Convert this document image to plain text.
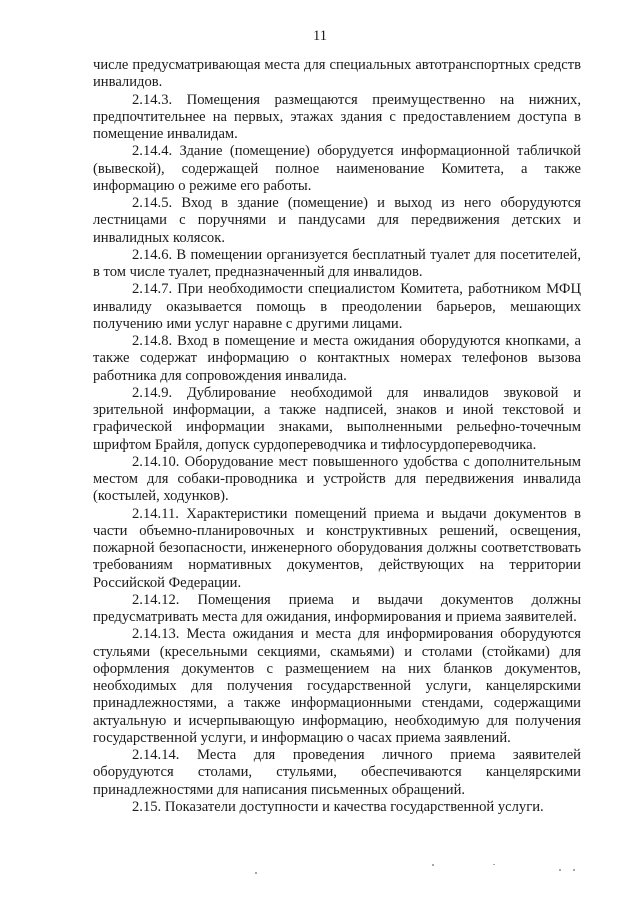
11

числе предусматривающая места для специальных автотранспортных средств инвалидов.

2.14.3. Помещения размещаются преимущественно на нижних, предпочтительнее на первых, этажах здания с предоставлением доступа в помещение инвалидам.

2.14.4. Здание (помещение) оборудуется информационной табличкой (вывеской), содержащей полное наименование Комитета, а также информацию о режиме его работы.

2.14.5. Вход в здание (помещение) и выход из него оборудуются лестницами с поручнями и пандусами для передвижения детских и инвалидных колясок.

2.14.6. В помещении организуется бесплатный туалет для посетителей, в том числе туалет, предназначенный для инвалидов.

2.14.7. При необходимости специалистом Комитета, работником МФЦ инвалиду оказывается помощь в преодолении барьеров, мешающих получению ими услуг наравне с другими лицами.

2.14.8. Вход в помещение и места ожидания оборудуются кнопками, а также содержат информацию о контактных номерах телефонов вызова работника для сопровождения инвалида.

2.14.9. Дублирование необходимой для инвалидов звуковой и зрительной информации, а также надписей, знаков и иной текстовой и графической информации знаками, выполненными рельефно-точечным шрифтом Брайля, допуск сурдопереводчика и тифлосурдопереводчика.

2.14.10. Оборудование мест повышенного удобства с дополнительным местом для собаки-проводника и устройств для передвижения инвалида (костылей, ходунков).

2.14.11. Характеристики помещений приема и выдачи документов в части объемно-планировочных и конструктивных решений, освещения, пожарной безопасности, инженерного оборудования должны соответствовать требованиям нормативных документов, действующих на территории Российской Федерации.

2.14.12. Помещения приема и выдачи документов должны предусматривать места для ожидания, информирования и приема заявителей.

2.14.13. Места ожидания и места для информирования оборудуются стульями (кресельными секциями, скамьями) и столами (стойками) для оформления документов с размещением на них бланков документов, необходимых для получения государственной услуги, канцелярскими принадлежностями, а также информационными стендами, содержащими актуальную и исчерпывающую информацию, необходимую для получения государственной услуги, и информацию о часах приема заявлений.

2.14.14. Места для проведения личного приема заявителей оборудуются столами, стульями, обеспечиваются канцелярскими принадлежностями для написания письменных обращений.

2.15. Показатели доступности и качества государственной услуги.
